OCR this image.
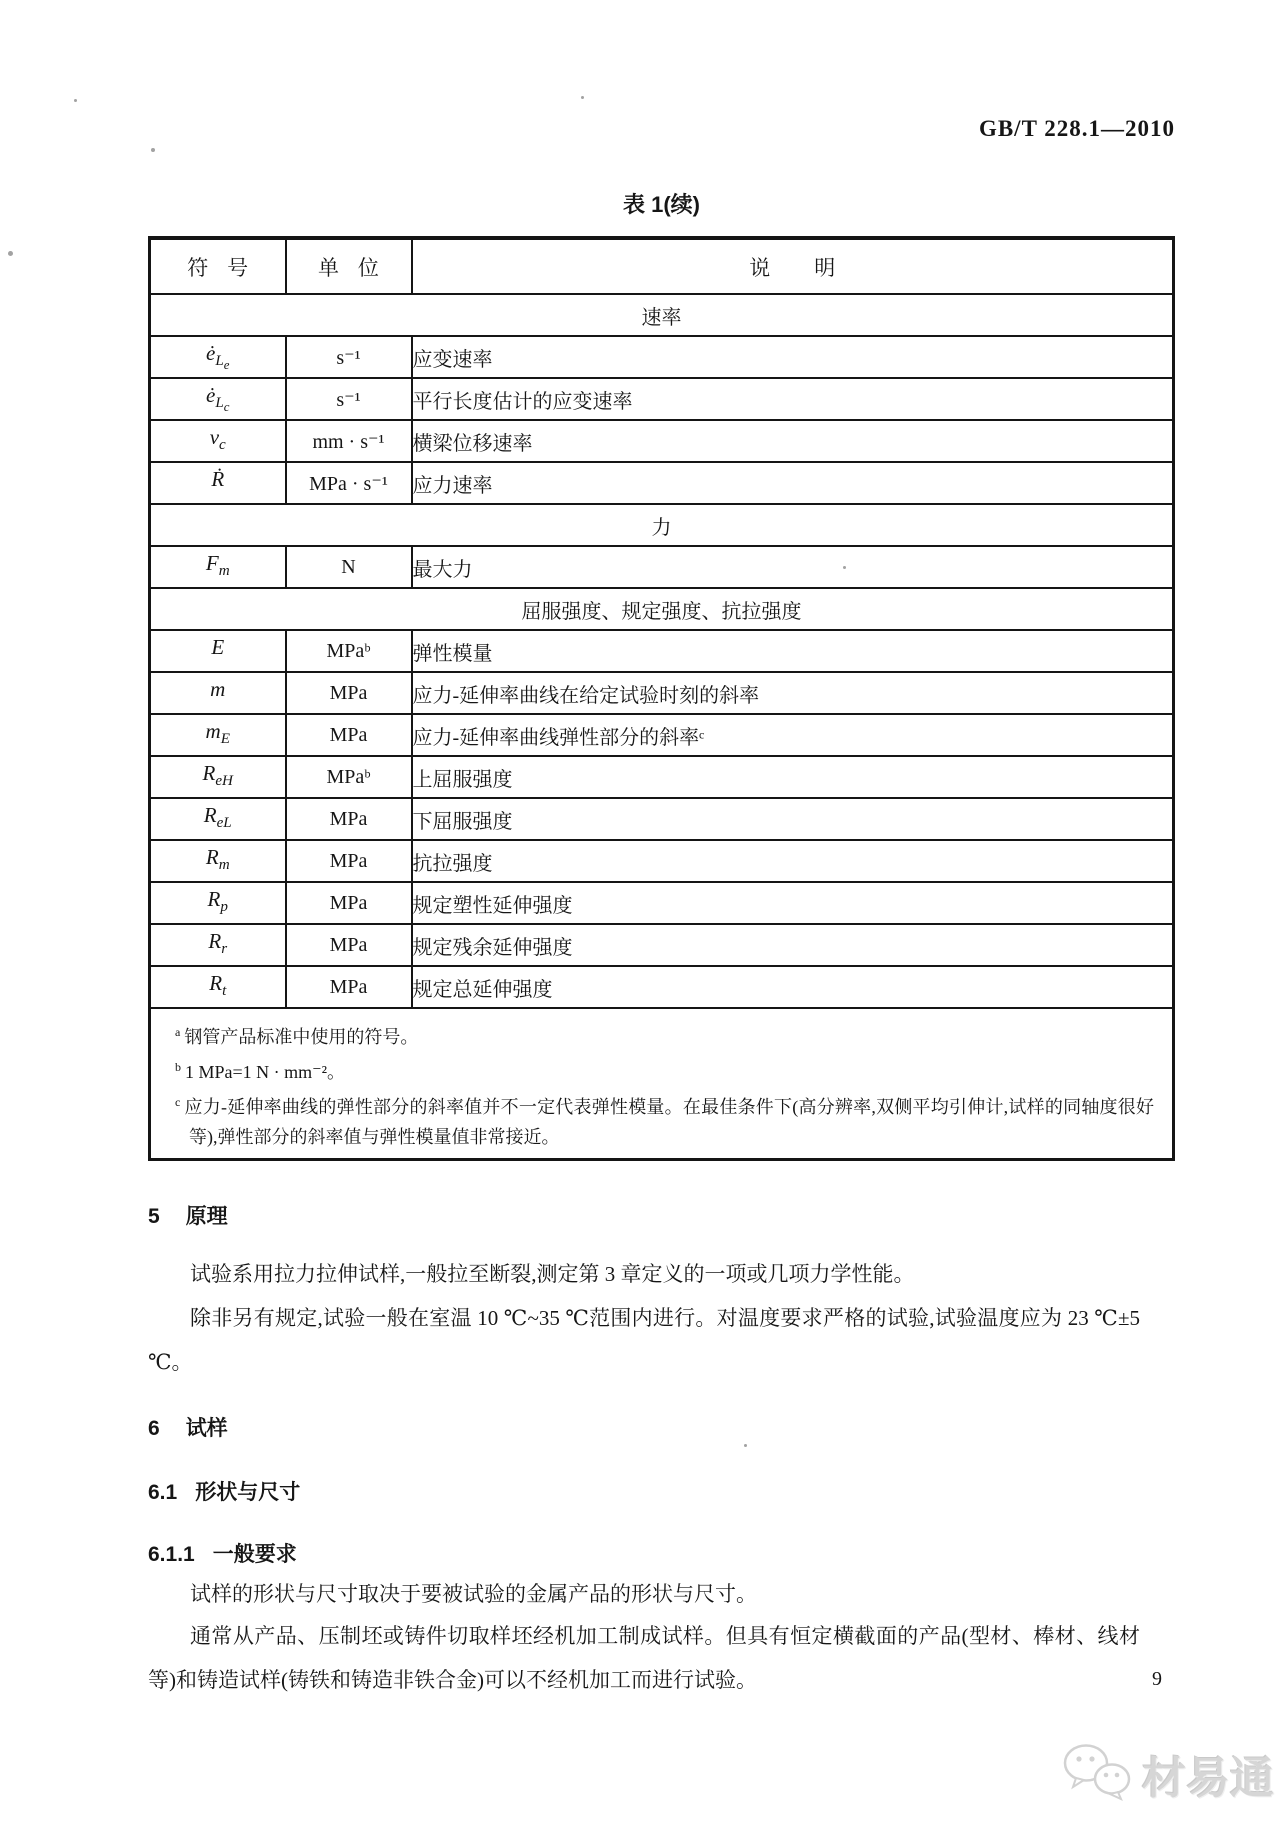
GB/T 228.1—2010
表 1(续)
符号	单位	说明
速率		
$ė_{L_e}$	s⁻¹	应变速率
$ė_{L_c}$	s⁻¹	平行长度估计的应变速率
$v_c$	mm · s⁻¹	横梁位移速率
Ṙ	MPa · s⁻¹	应力速率
力		
$F_m$	N	最大力
屈服强度、规定强度、抗拉强度		
E	MPaᵇ	弹性模量
m	MPa	应力-延伸率曲线在给定试验时刻的斜率
$m_E$	MPa	应力-延伸率曲线弹性部分的斜率ᶜ
$R_{eH}$	MPaᵇ	上屈服强度
$R_{eL}$	MPa	下屈服强度
$R_m$	MPa	抗拉强度
$R_p$	MPa	规定塑性延伸强度
$R_r$	MPa	规定残余延伸强度
$R_t$	MPa	规定总延伸强度

$^a$ 钢管产品标准中使用的符号。
$^b$ 1 MPa=1 N · mm⁻²。
$^c$ 应力-延伸率曲线的弹性部分的斜率值并不一定代表弹性模量。在最佳条件下(高分辨率,双侧平均引伸计,试样的同轴度很好等),弹性部分的斜率值与弹性模量值非常接近。		
5 原理
试验系用拉力拉伸试样,一般拉至断裂,测定第 3 章定义的一项或几项力学性能。
除非另有规定,试验一般在室温 10 ℃~35 ℃范围内进行。对温度要求严格的试验,试验温度应为 23 ℃±5 ℃。
6 试样
6.1 形状与尺寸
6.1.1 一般要求
试样的形状与尺寸取决于要被试验的金属产品的形状与尺寸。
通常从产品、压制坯或铸件切取样坯经机加工制成试样。但具有恒定横截面的产品(型材、棒材、线材等)和铸造试样(铸铁和铸造非铁合金)可以不经机加工而进行试验。	9
材易通
